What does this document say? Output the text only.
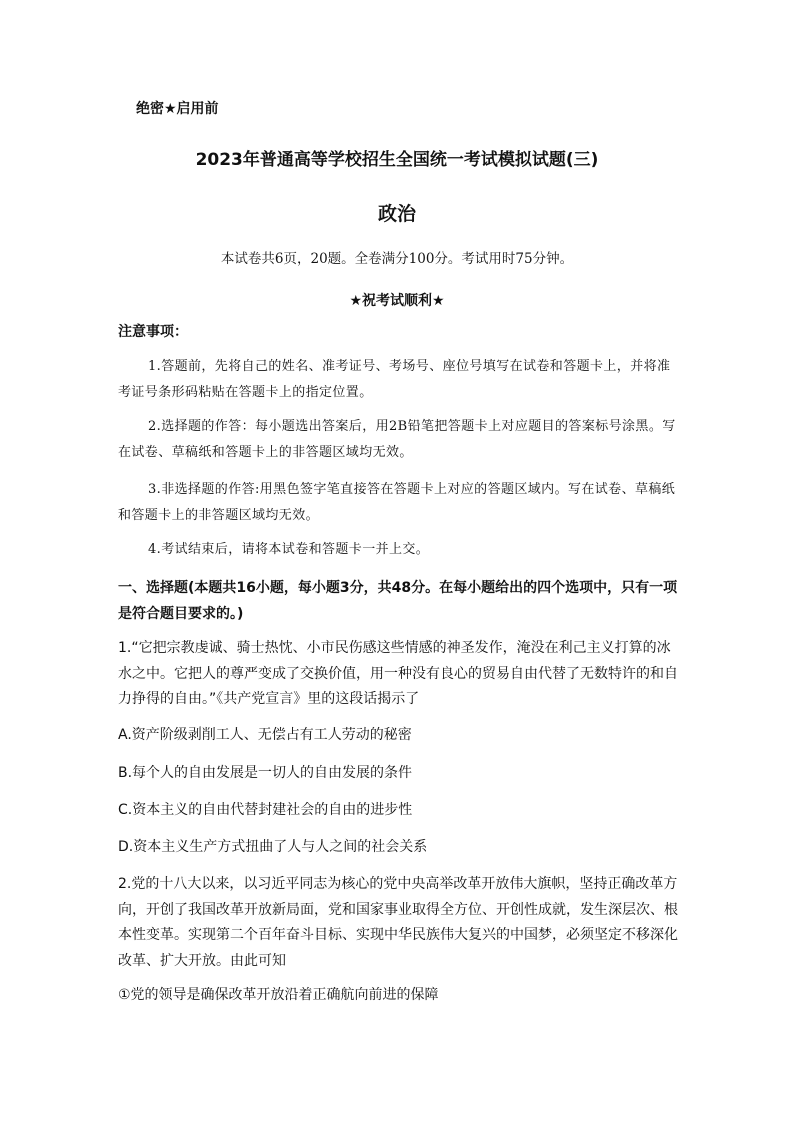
绝密★启用前
2023年普通高等学校招生全国统一考试模拟试题(三)
政治
本试卷共6页，20题。全卷满分100分。考试用时75分钟。
★祝考试顺利★
注意事项：
1.答题前，先将自己的姓名、准考证号、考场号、座位号填写在试卷和答题卡上，并将准考证号条形码粘贴在答题卡上的指定位置。
2.选择题的作答：每小题选出答案后，用2B铅笔把答题卡上对应题目的答案标号涂黑。写在试卷、草稿纸和答题卡上的非答题区域均无效。
3.非选择题的作答:用黑色签字笔直接答在答题卡上对应的答题区域内。写在试卷、草稿纸和答题卡上的非答题区域均无效。
4.考试结束后，请将本试卷和答题卡一并上交。
一、选择题(本题共16小题，每小题3分，共48分。在每小题给出的四个选项中，只有一项是符合题目要求的。)
1.“它把宗教虔诚、骑士热忱、小市民伤感这些情感的神圣发作，淹没在利己主义打算的冰水之中。它把人的尊严变成了交换价值，用一种没有良心的贸易自由代替了无数特许的和自力挣得的自由。”《共产党宣言》里的这段话揭示了
A.资产阶级剥削工人、无偿占有工人劳动的秘密
B.每个人的自由发展是一切人的自由发展的条件
C.资本主义的自由代替封建社会的自由的进步性
D.资本主义生产方式扭曲了人与人之间的社会关系
2.党的十八大以来，以习近平同志为核心的党中央高举改革开放伟大旗帜，坚持正确改革方向，开创了我国改革开放新局面，党和国家事业取得全方位、开创性成就，发生深层次、根本性变革。实现第二个百年奋斗目标、实现中华民族伟大复兴的中国梦，必须坚定不移深化改革、扩大开放。由此可知
①党的领导是确保改革开放沿着正确航向前进的保障
